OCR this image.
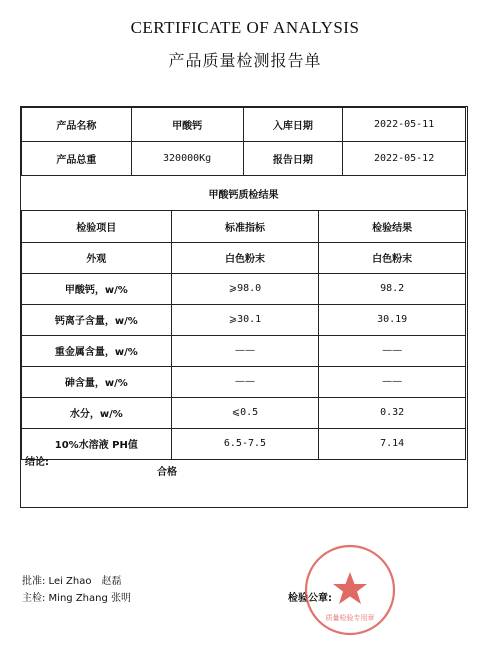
CERTIFICATE OF ANALYSIS
产品质量检测报告单
产品名称	甲酸钙	入库日期	2022-05-11
产品总重	320000Kg	报告日期	2022-05-12
甲酸钙质检结果
检验项目	标准指标	检验结果
外观	白色粉末	白色粉末
甲酸钙，w/%	⩾98.0	98.2
钙离子含量，w/%	⩾30.1	30.19
重金属含量，w/%	——	——
砷含量，w/%	——	——
水分，w/%	⩽0.5	0.32
10%水溶液 PH值	6.5-7.5	7.14
结论:
合格
批准: Lei Zhao　赵磊
主检: Ming Zhang 张明	检验公章:
质量检验专用章
